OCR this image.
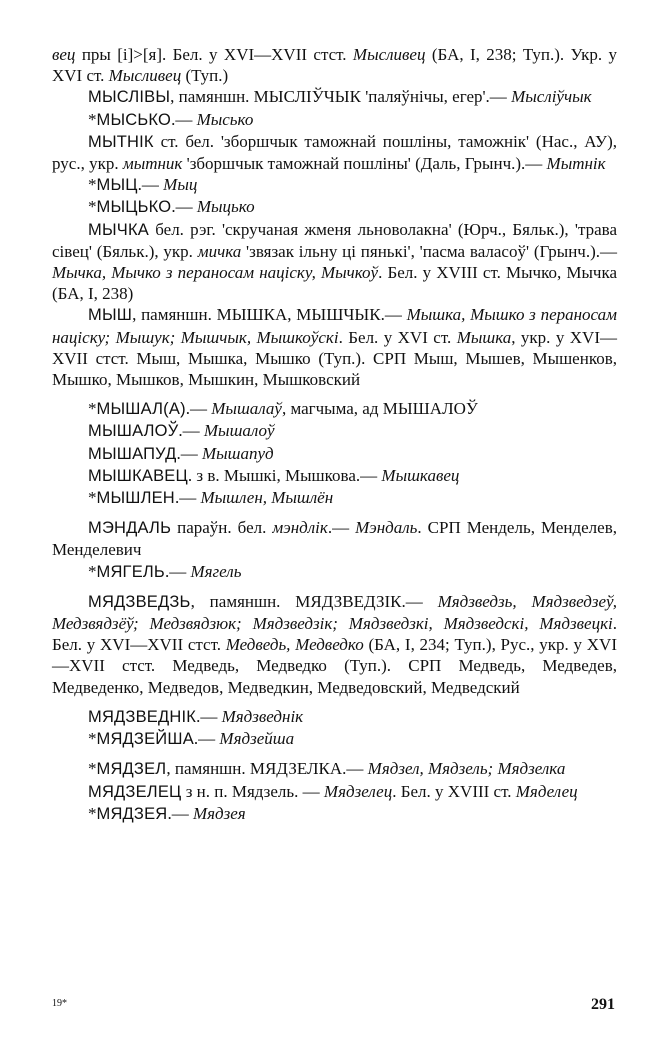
вец пры [і]>[я]. Бел. у XVI—XVII стст. Мысливец (БА, I, 238; Туп.). Укр. у XVI ст. Мысливец (Туп.)

МЫСЛІВЫ, памяншн. МЫСЛІЎЧЫК 'паляўнічы, егер'.— Мысліўчык

*МЫСЬКО.— Мысько

МЫТНІК ст. бел. 'зборшчык таможнай пошліны, таможнік' (Нас., АУ), рус., укр. мытник 'зборшчык таможнай пошліны' (Даль, Грынч.).— Мытнік

*МЫЦ.— Мыц

*МЫЦЬКО.— Мыцько

МЫЧКА бел. рэг. 'скручаная жменя льноволакна' (Юрч., Бяльк.), 'трава сівец' (Бяльк.), укр. мичка 'звязак ільну ці пянькі', 'пасма валасоў' (Грынч.).— Мычка, Мычко з пераносам націску, Мычкоў. Бел. у XVIII ст. Мычко, Мычка (БА, I, 238)

МЫШ, памяншн. МЫШКА, МЫШЧЫК.— Мышка, Мышко з пераносам націску; Мышук; Мышчык, Мышкоўскі. Бел. у XVI ст. Мышка, укр. у XVI—XVII стст. Мыш, Мышка, Мышко (Туп.). СРП Мыш, Мышев, Мышенков, Мышко, Мышков, Мышкин, Мышковский

*МЫШАЛ(А).— Мышалаў, магчыма, ад МЫШАЛОЎ

МЫШАЛОЎ.— Мышалоў

МЫШАПУД.— Мышапуд

МЫШКАВЕЦ. з в. Мышкі, Мышкова.— Мышкавец

*МЫШЛЕН.— Мышлен, Мышлён

МЭНДАЛЬ параўн. бел. мэндлік.— Мэндаль. СРП Мендель, Менделев, Менделевич

*МЯГЕЛЬ.— Мягель

МЯДЗВЕДЗЬ, памяншн. МЯДЗВЕДЗІК.— Мядзведзь, Мядзведзеў, Медзвядзёў; Медзвядзюк; Мядзведзік; Мядзведзкі, Мядзведскі, Мядзвецкі. Бел. у XVI—XVII стст. Медведь, Медведко (БА, I, 234; Туп.), Рус., укр. у XVI—XVII стст. Медведь, Медведко (Туп.). СРП Медведь, Медведев, Медведенко, Медведов, Медведкин, Медведовский, Медведский

МЯДЗВЕДНІК.— Мядзведнік

*МЯДЗЕЙША.— Мядзейша

*МЯДЗЕЛ, памяншн. МЯДЗЕЛКА.— Мядзел, Мядзель; Мядзелка

МЯДЗЕЛЕЦ з н. п. Мядзель. — Мядзелец. Бел. у XVIII ст. Мяделец

*МЯДЗЕЯ.— Мядзея

19*	291
